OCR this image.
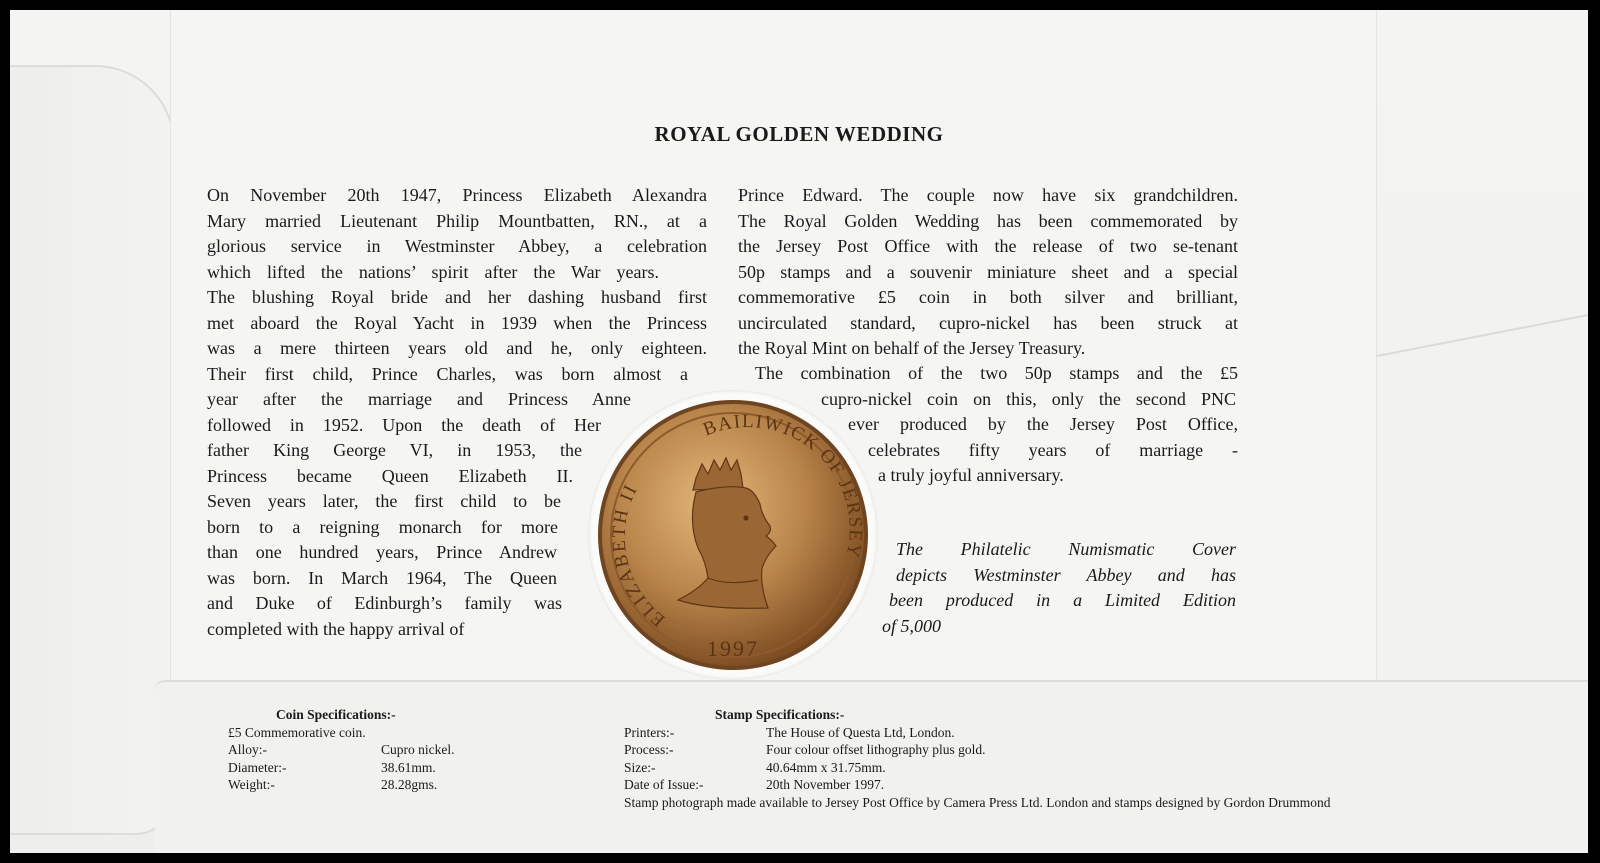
ROYAL GOLDEN WEDDING
On November 20th 1947, Princess Elizabeth Alexandra
Mary married Lieutenant Philip Mountbatten, RN., at a
glorious service in Westminster Abbey, a celebration
which lifted the nations’ spirit after the War years.
The blushing Royal bride and her dashing husband first
met aboard the Royal Yacht in 1939 when the Princess
was a mere thirteen years old and he, only eighteen.
Their first child, Prince Charles, was born almost a
year after the marriage and Princess Anne
followed in 1952. Upon the death of Her
father King George VI, in 1953, the
Princess became Queen Elizabeth II.
Seven years later, the first child to be
born to a reigning monarch for more
than one hundred years, Prince Andrew
was born. In March 1964, The Queen
and Duke of Edinburgh’s family was
completed with the happy arrival of
Prince Edward. The couple now have six grandchildren.
The Royal Golden Wedding has been commemorated by
the Jersey Post Office with the release of two se-tenant
50p stamps and a souvenir miniature sheet and a special
commemorative £5 coin in both silver and brilliant,
uncirculated standard, cupro-nickel has been struck at
the Royal Mint on behalf of the Jersey Treasury.
The combination of the two 50p stamps and the £5
cupro-nickel coin on this, only the second PNC
ever produced by the Jersey Post Office,
celebrates fifty years of marriage -
a truly joyful anniversary.
The Philatelic Numismatic Cover
depicts Westminster Abbey and has
been produced in a Limited Edition
of 5,000
ELIZABETH II
BAILIWICK OF JERSEY
1997
Coin Specifications:-
£5 Commemorative coin.
Alloy:-	Cupro nickel.
Diameter:-	38.61mm.
Weight:-	28.28gms.
Stamp Specifications:-
Printers:-	The House of Questa Ltd, London.
Process:-	Four colour offset lithography plus gold.
Size:-	40.64mm x 31.75mm.
Date of Issue:-	20th November 1997.
Stamp photograph made available to Jersey Post Office by Camera Press Ltd. London and stamps designed by Gordon Drummond
